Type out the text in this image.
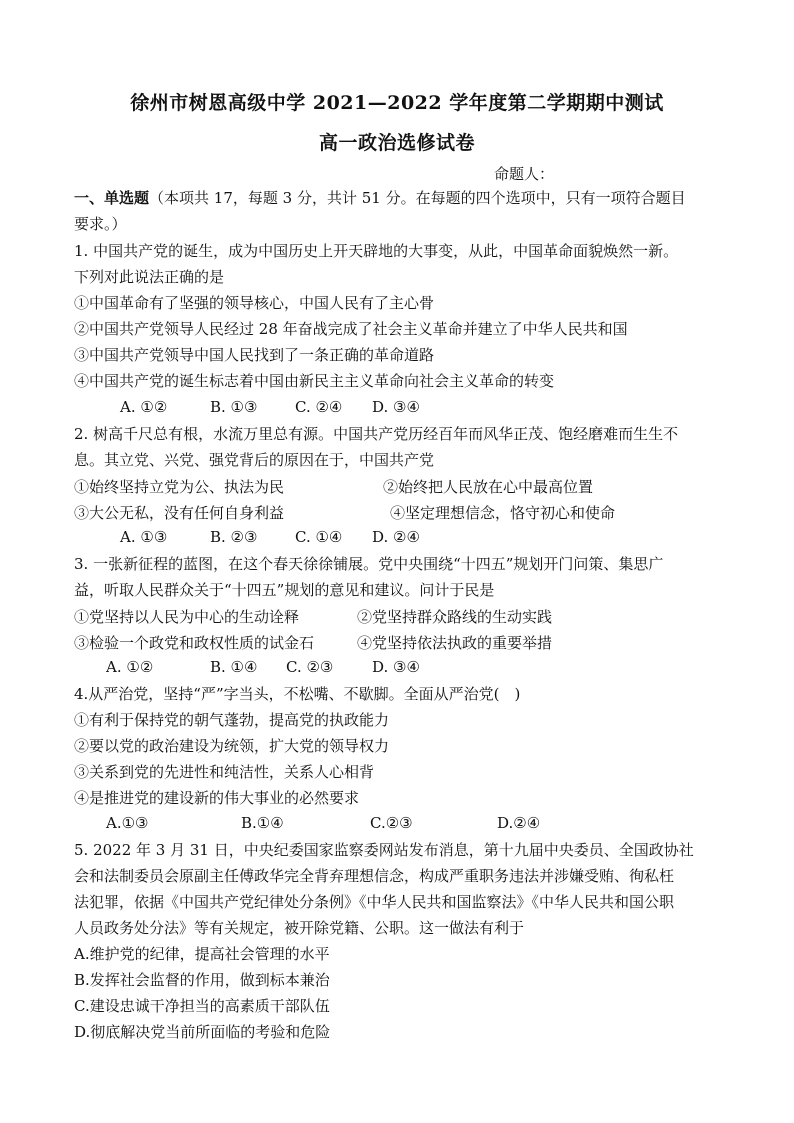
徐州市树恩高级中学 2021—2022 学年度第二学期期中测试
高一政治选修试卷

命题人：

一、单选题（本项共 17，每题 3 分，共计 51 分。在每题的四个选项中，只有一项符合题目

要求。）

1. 中国共产党的诞生，成为中国历史上开天辟地的大事变，从此，中国革命面貌焕然一新。

下列对此说法正确的是

①中国革命有了坚强的领导核心，中国人民有了主心骨

②中国共产党领导人民经过 28 年奋战完成了社会主义革命并建立了中华人民共和国

③中国共产党领导中国人民找到了一条正确的革命道路

④中国共产党的诞生标志着中国由新民主主义革命向社会主义革命的转变

A. ①②	B. ①③	C. ②④ D. ③④

2. 树高千尺总有根，水流万里总有源。中国共产党历经百年而风华正茂、饱经磨难而生生不

息。其立党、兴党、强党背后的原因在于，中国共产党

①始终坚持立党为公、执法为民	②始终把人民放在心中最高位置

③大公无私，没有任何自身利益	④坚定理想信念，恪守初心和使命

A. ①③	B. ②③	C. ①④ D. ②④

3. 一张新征程的蓝图，在这个春天徐徐铺展。党中央围绕“十四五”规划开门问策、集思广

益，听取人民群众关于“十四五”规划的意见和建议。问计于民是

①党坚持以人民为中心的生动诠释	②党坚持群众路线的生动实践

③检验一个政党和政权性质的试金石	④党坚持依法执政的重要举措

A. ①②	B. ①④ C. ②③	D. ③④

4.从严治党，坚持“严”字当头，不松嘴、不歇脚。全面从严治党(　)

①有利于保持党的朝气蓬勃，提高党的执政能力

②要以党的政治建设为统领，扩大党的领导权力

③关系到党的先进性和纯洁性，关系人心相背

④是推进党的建设新的伟大事业的必然要求

A.①③	B.①④	C.②③	D.②④

5. 2022 年 3 月 31 日，中央纪委国家监察委网站发布消息，第十九届中央委员、全国政协社

会和法制委员会原副主任傅政华完全背弃理想信念，构成严重职务违法并涉嫌受贿、徇私枉

法犯罪，依据《中国共产党纪律处分条例》《中华人民共和国监察法》《中华人民共和国公职

人员政务处分法》等有关规定，被开除党籍、公职。这一做法有利于

A.维护党的纪律，提高社会管理的水平

B.发挥社会监督的作用，做到标本兼治

C.建设忠诚干净担当的高素质干部队伍

D.彻底解决党当前所面临的考验和危险
